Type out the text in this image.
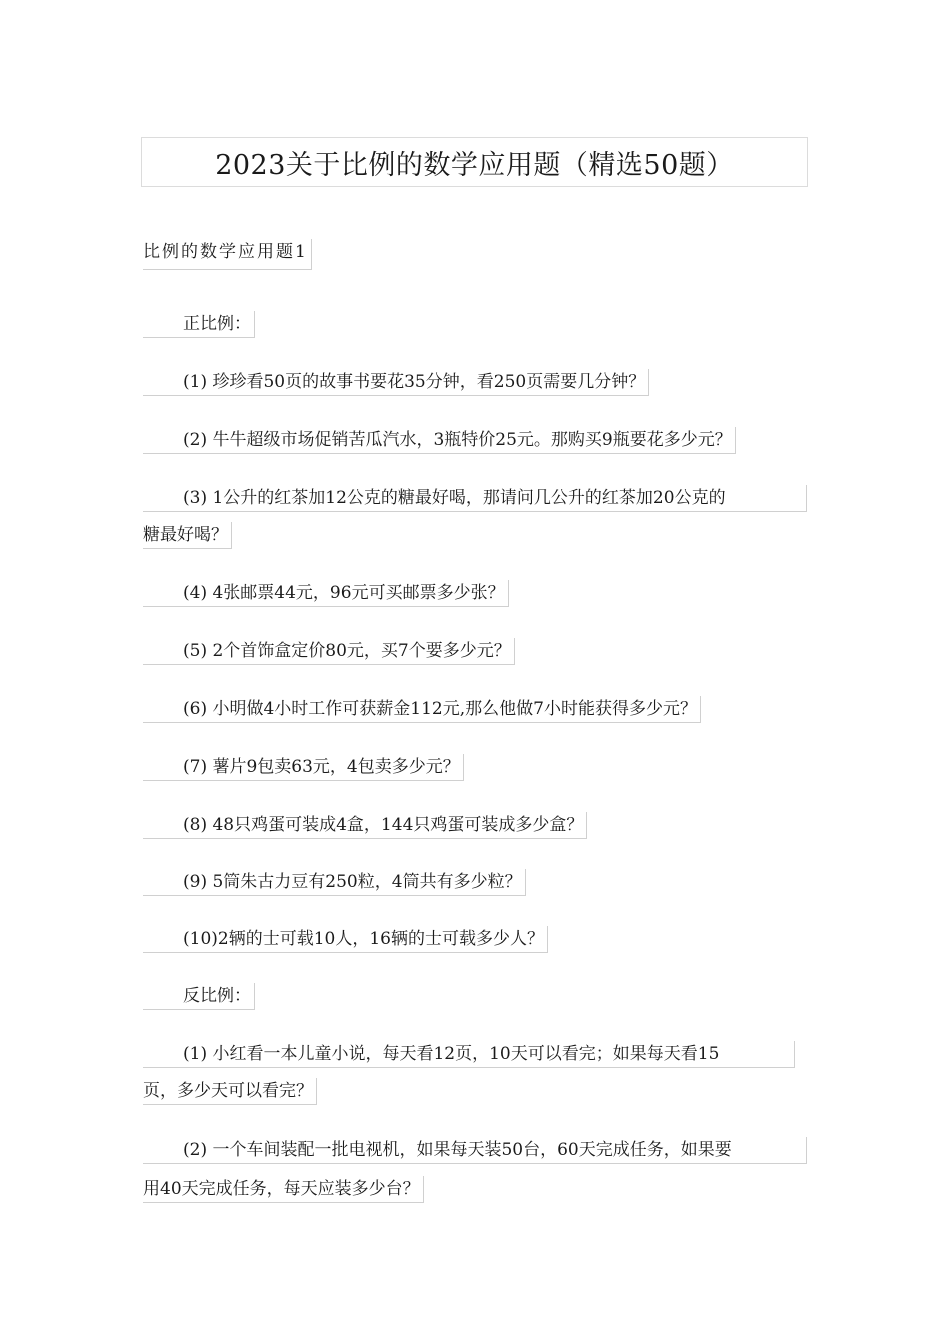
2023关于比例的数学应用题（精选50题）
比例的数学应用题1
正比例：
(1) 珍珍看50页的故事书要花35分钟，看250页需要几分钟？
(2) 牛牛超级市场促销苦瓜汽水，3瓶特价25元。那购买9瓶要花多少元？
(3) 1公升的红茶加12公克的糖最好喝，那请问几公升的红茶加20公克的
糖最好喝？
(4) 4张邮票44元，96元可买邮票多少张？
(5) 2个首饰盒定价80元，买7个要多少元？
(6) 小明做4小时工作可获薪金112元,那么他做7小时能获得多少元？
(7) 薯片9包卖63元，4包卖多少元？
(8) 48只鸡蛋可装成4盒，144只鸡蛋可装成多少盒？
(9) 5筒朱古力豆有250粒，4筒共有多少粒？
(10)2辆的士可载10人，16辆的士可载多少人？
反比例：
(1) 小红看一本儿童小说，每天看12页，10天可以看完；如果每天看15
页，多少天可以看完？
(2) 一个车间装配一批电视机，如果每天装50台，60天完成任务，如果要
用40天完成任务，每天应装多少台？
